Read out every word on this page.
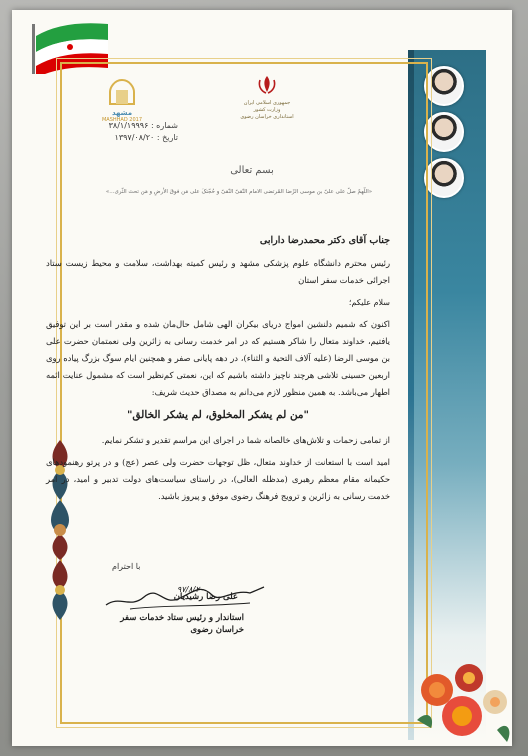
مشهد
MASHHAD 2017
جمهوری اسلامی ایران
وزارت کشور
استانداری خراسان رضوی
شماره : ۳۸/۱/۱۹۹۹۶
تاریخ : ۱۳۹۷/۰۸/۲۰
بسم تعالی
«اللّهمّ صلّ علی علیّ بن موسی الرّضا المُرتضی الامام التّقیّ النّقیّ و حُجّتکَ علی مَن فوقَ الأرضِ و مَن تحتَ الثّری...»

جناب آقای دکتر محمدرضا دارابی

رئیس محترم دانشگاه علوم پزشکی مشهد و رئیس کمیته بهداشت، سلامت و محیط زیست ستاد اجرائی خدمات سفر استان

سلام علیکم؛

اکنون که شمیم دلنشین امواج دریای بیکران الهی شامل حال‌مان شده و مقدر است بر این توفیق یافتیم، خداوند متعال را شاکر هستیم که در امر خدمت رسانی به زائرین ولی نعمتمان حضرت علی بن موسی الرضا (علیه آلاف التحیة و الثناء)، در دهه پایانی صفر و همچنین ایام سوگ بزرگ پیاده روی اربعین حسینی تلاشی هرچند ناچیز داشته باشیم که این، نعمتی کم‌نظیر است که مشمول عنایت ائمه اطهار می‌باشد. به همین منظور لازم می‌دانم به مصداق حدیث شریف:

"من لم يشكر المخلوق، لم يشكر الخالق"

از تمامی زحمات و تلاش‌های خالصانه شما در اجرای این مراسم تقدیر و تشکر نمایم.

امید است با استعانت از خداوند متعال، ظل توجهات حضرت ولی عصر (عج) و در پرتو رهنمودهای حکیمانه مقام معظم رهبری (مدظله العالی)، در راستای سیاست‌های دولت تدبیر و امید، در امر خدمت رسانی به زائرین و ترویج فرهنگ رضوی موفق و پیروز باشید.

با احترام
۹۷/۸/۲۰
علی رضا رشیدیان
استاندار و رئیس ستاد خدمات سفر خراسان رضوی
